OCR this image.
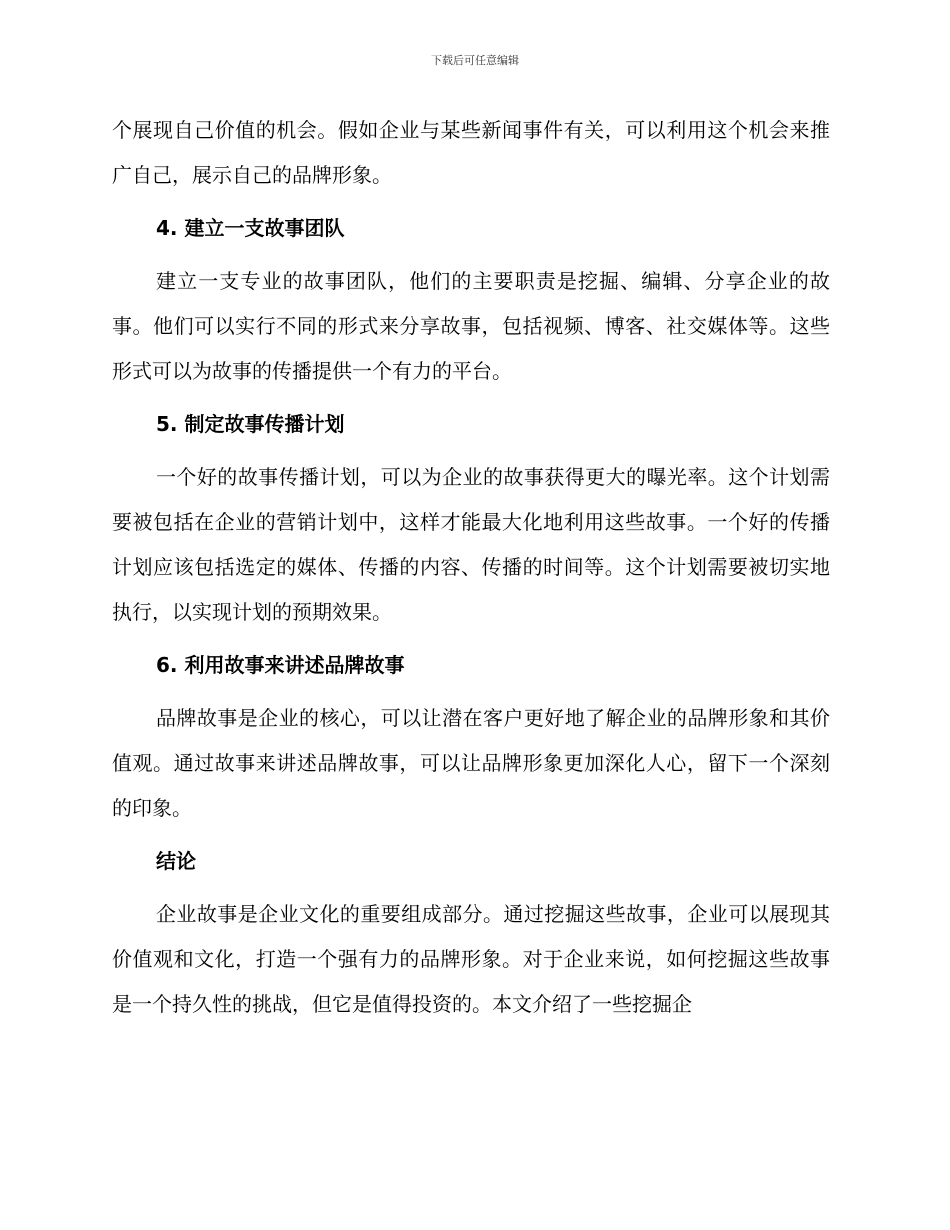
下载后可任意编辑

个展现自己价值的机会。假如企业与某些新闻事件有关，可以利用这个机会来推广自己，展示自己的品牌形象。

4. 建立一支故事团队

建立一支专业的故事团队，他们的主要职责是挖掘、编辑、分享企业的故事。他们可以实行不同的形式来分享故事，包括视频、博客、社交媒体等。这些形式可以为故事的传播提供一个有力的平台。

5. 制定故事传播计划

一个好的故事传播计划，可以为企业的故事获得更大的曝光率。这个计划需要被包括在企业的营销计划中，这样才能最大化地利用这些故事。一个好的传播计划应该包括选定的媒体、传播的内容、传播的时间等。这个计划需要被切实地执行，以实现计划的预期效果。

6. 利用故事来讲述品牌故事

品牌故事是企业的核心，可以让潜在客户更好地了解企业的品牌形象和其价值观。通过故事来讲述品牌故事，可以让品牌形象更加深化人心，留下一个深刻的印象。

结论

企业故事是企业文化的重要组成部分。通过挖掘这些故事，企业可以展现其价值观和文化，打造一个强有力的品牌形象。对于企业来说，如何挖掘这些故事是一个持久性的挑战，但它是值得投资的。本文介绍了一些挖掘企
